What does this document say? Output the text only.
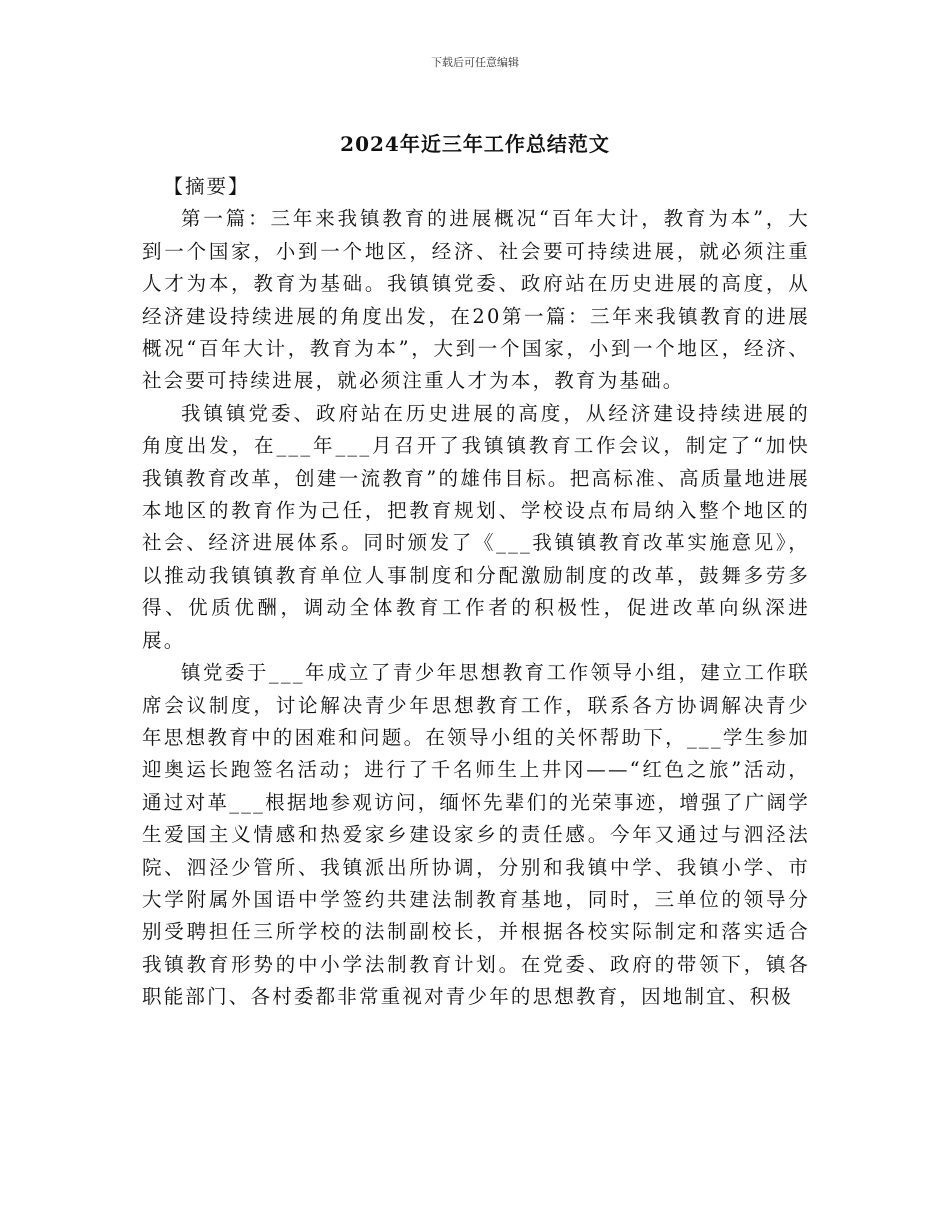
下载后可任意编辑
2024年近三年工作总结范文

【摘要】

第一篇：三年来我镇教育的进展概况“百年大计，教育为本”，大到一个国家，小到一个地区，经济、社会要可持续进展，就必须注重人才为本，教育为基础。我镇镇党委、政府站在历史进展的高度，从经济建设持续进展的角度出发，在20第一篇：三年来我镇教育的进展概况“百年大计，教育为本”，大到一个国家，小到一个地区，经济、社会要可持续进展，就必须注重人才为本，教育为基础。

我镇镇党委、政府站在历史进展的高度，从经济建设持续进展的角度出发，在___年___月召开了我镇镇教育工作会议，制定了“加快我镇教育改革，创建一流教育”的雄伟目标。把高标准、高质量地进展本地区的教育作为己任，把教育规划、学校设点布局纳入整个地区的社会、经济进展体系。同时颁发了《___我镇镇教育改革实施意见》，以推动我镇镇教育单位人事制度和分配激励制度的改革，鼓舞多劳多得、优质优酬，调动全体教育工作者的积极性，促进改革向纵深进展。

镇党委于___年成立了青少年思想教育工作领导小组，建立工作联席会议制度，讨论解决青少年思想教育工作，联系各方协调解决青少年思想教育中的困难和问题。在领导小组的关怀帮助下，___学生参加迎奥运长跑签名活动；进行了千名师生上井冈——“红色之旅”活动，通过对革___根据地参观访问，缅怀先辈们的光荣事迹，增强了广阔学生爱国主义情感和热爱家乡建设家乡的责任感。今年又通过与泗泾法院、泗泾少管所、我镇派出所协调，分别和我镇中学、我镇小学、市大学附属外国语中学签约共建法制教育基地，同时，三单位的领导分别受聘担任三所学校的法制副校长，并根据各校实际制定和落实适合我镇教育形势的中小学法制教育计划。在党委、政府的带领下，镇各职能部门、各村委都非常重视对青少年的思想教育，因地制宜、积极
